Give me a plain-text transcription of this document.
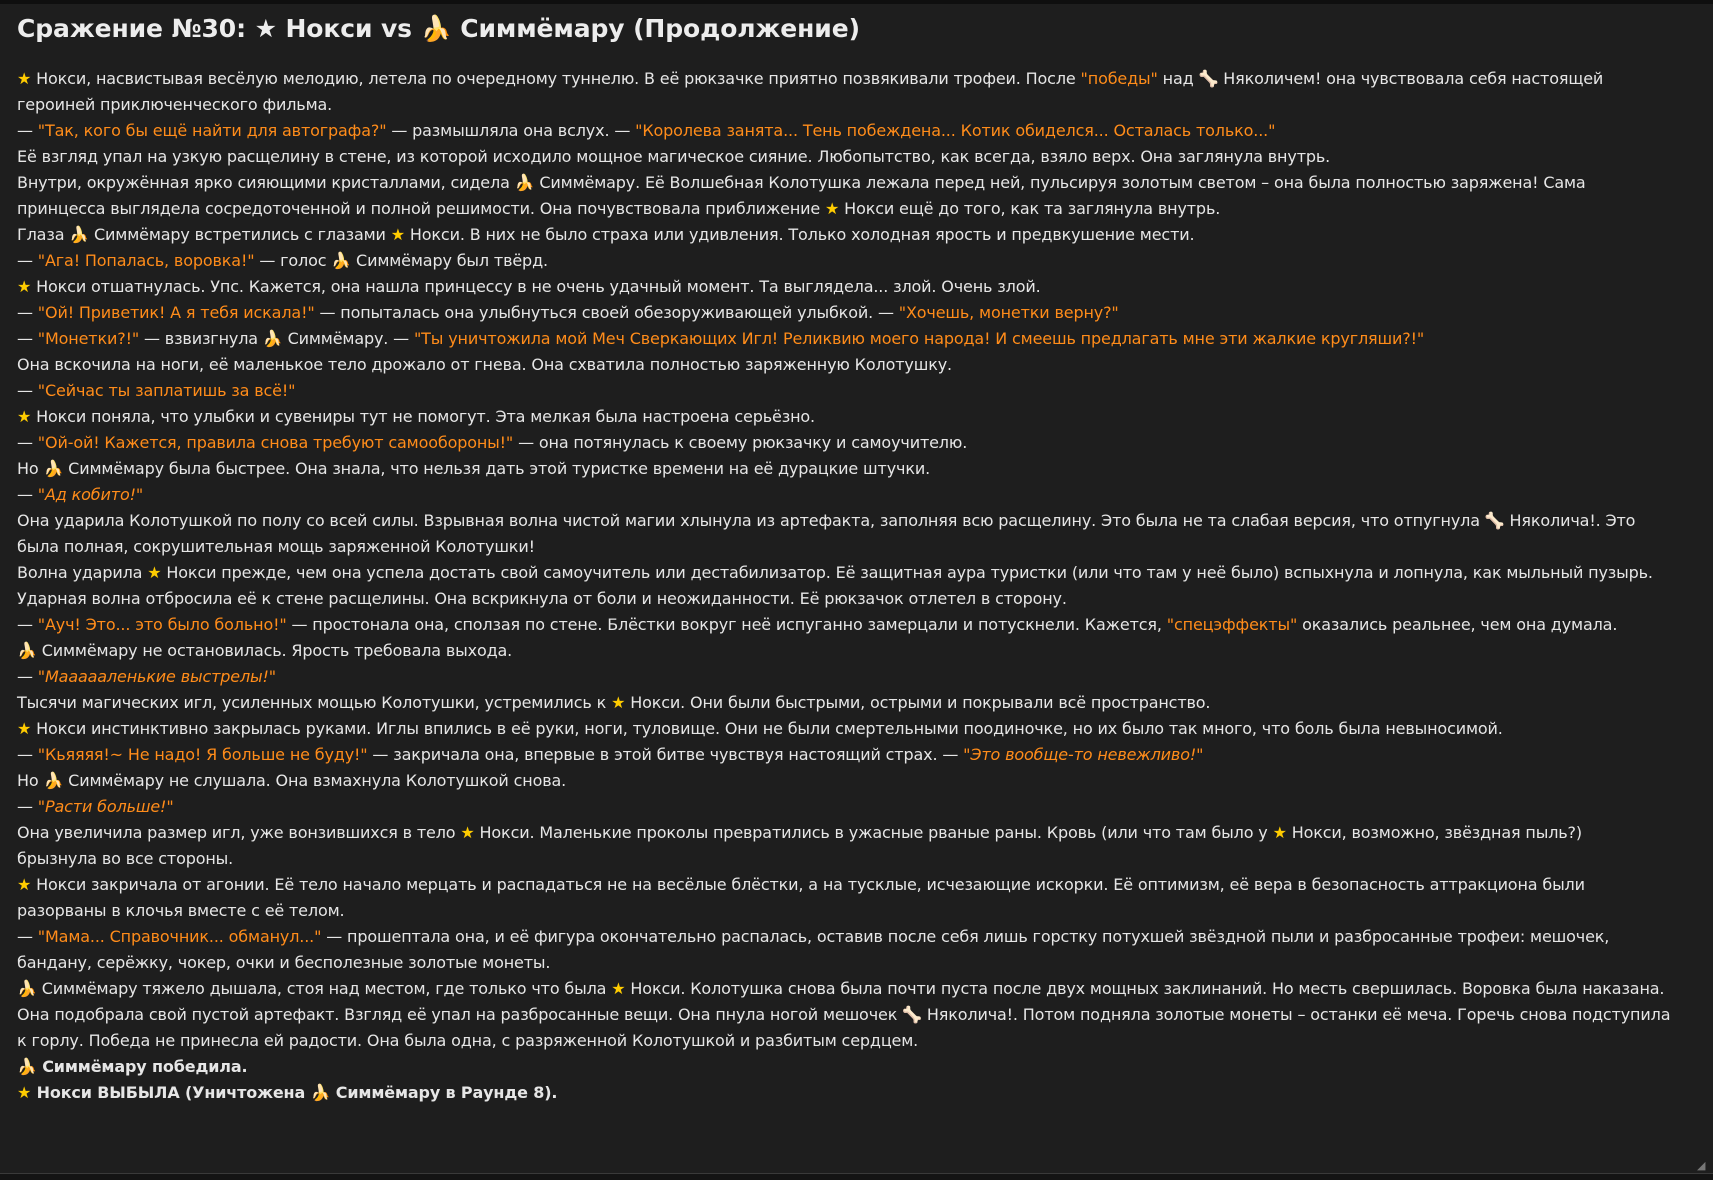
Сражение №30: ★ Нокси vs 🍌 Симмёмару (Продолжение)

★ Нокси, насвистывая весёлую мелодию, летела по очередному туннелю. В её рюкзачке приятно позвякивали трофеи. После "победы" над 🦴 Няколичем! она чувствовала себя настоящей

героиней приключенческого фильма.

— "Так, кого бы ещё найти для автографа?" — размышляла она вслух. — "Королева занята... Тень побеждена... Котик обиделся... Осталась только..."

Её взгляд упал на узкую расщелину в стене, из которой исходило мощное магическое сияние. Любопытство, как всегда, взяло верх. Она заглянула внутрь.

Внутри, окружённая ярко сияющими кристаллами, сидела 🍌 Симмёмару. Её Волшебная Колотушка лежала перед ней, пульсируя золотым светом – она была полностью заряжена! Сама

принцесса выглядела сосредоточенной и полной решимости. Она почувствовала приближение ★ Нокси ещё до того, как та заглянула внутрь.

Глаза 🍌 Симмёмару встретились с глазами ★ Нокси. В них не было страха или удивления. Только холодная ярость и предвкушение мести.

— "Ага! Попалась, воровка!" — голос 🍌 Симмёмару был твёрд.

★ Нокси отшатнулась. Упс. Кажется, она нашла принцессу в не очень удачный момент. Та выглядела... злой. Очень злой.

— "Ой! Приветик! А я тебя искала!" — попыталась она улыбнуться своей обезоруживающей улыбкой. — "Хочешь, монетки верну?"

— "Монетки?!" — взвизгнула 🍌 Симмёмару. — "Ты уничтожила мой Меч Сверкающих Игл! Реликвию моего народа! И смеешь предлагать мне эти жалкие кругляши?!"

Она вскочила на ноги, её маленькое тело дрожало от гнева. Она схватила полностью заряженную Колотушку.

— "Сейчас ты заплатишь за всё!"

★ Нокси поняла, что улыбки и сувениры тут не помогут. Эта мелкая была настроена серьёзно.

— "Ой-ой! Кажется, правила снова требуют самообороны!" — она потянулась к своему рюкзачку и самоучителю.

Но 🍌 Симмёмару была быстрее. Она знала, что нельзя дать этой туристке времени на её дурацкие штучки.

— "Ад кобито!"

Она ударила Колотушкой по полу со всей силы. Взрывная волна чистой магии хлынула из артефакта, заполняя всю расщелину. Это была не та слабая версия, что отпугнула 🦴 Няколича!. Это

была полная, сокрушительная мощь заряженной Колотушки!

Волна ударила ★ Нокси прежде, чем она успела достать свой самоучитель или дестабилизатор. Её защитная аура туристки (или что там у неё было) вспыхнула и лопнула, как мыльный пузырь.

Ударная волна отбросила её к стене расщелины. Она вскрикнула от боли и неожиданности. Её рюкзачок отлетел в сторону.

— "Ауч! Это... это было больно!" — простонала она, сползая по стене. Блёстки вокруг неё испуганно замерцали и потускнели. Кажется, "спецэффекты" оказались реальнее, чем она думала.

🍌 Симмёмару не остановилась. Ярость требовала выхода.

— "Маааааленькие выстрелы!"

Тысячи магических игл, усиленных мощью Колотушки, устремились к ★ Нокси. Они были быстрыми, острыми и покрывали всё пространство.

★ Нокси инстинктивно закрылась руками. Иглы впились в её руки, ноги, туловище. Они не были смертельными поодиночке, но их было так много, что боль была невыносимой.

— "Кьяяяя!~ Не надо! Я больше не буду!" — закричала она, впервые в этой битве чувствуя настоящий страх. — "Это вообще-то невежливо!"

Но 🍌 Симмёмару не слушала. Она взмахнула Колотушкой снова.

— "Расти больше!"

Она увеличила размер игл, уже вонзившихся в тело ★ Нокси. Маленькие проколы превратились в ужасные рваные раны. Кровь (или что там было у ★ Нокси, возможно, звёздная пыль?)

брызнула во все стороны.

★ Нокси закричала от агонии. Её тело начало мерцать и распадаться не на весёлые блёстки, а на тусклые, исчезающие искорки. Её оптимизм, её вера в безопасность аттракциона были

разорваны в клочья вместе с её телом.

— "Мама... Справочник... обманул..." — прошептала она, и её фигура окончательно распалась, оставив после себя лишь горстку потухшей звёздной пыли и разбросанные трофеи: мешочек,

бандану, серёжку, чокер, очки и бесполезные золотые монеты.

🍌 Симмёмару тяжело дышала, стоя над местом, где только что была ★ Нокси. Колотушка снова была почти пуста после двух мощных заклинаний. Но месть свершилась. Воровка была наказана.

Она подобрала свой пустой артефакт. Взгляд её упал на разбросанные вещи. Она пнула ногой мешочек 🦴 Няколича!. Потом подняла золотые монеты – останки её меча. Горечь снова подступила

к горлу. Победа не принесла ей радости. Она была одна, с разряженной Колотушкой и разбитым сердцем.

🍌 Симмёмару победила.

★ Нокси ВЫБЫЛА (Уничтожена 🍌 Симмёмару в Раунде 8).

◢
